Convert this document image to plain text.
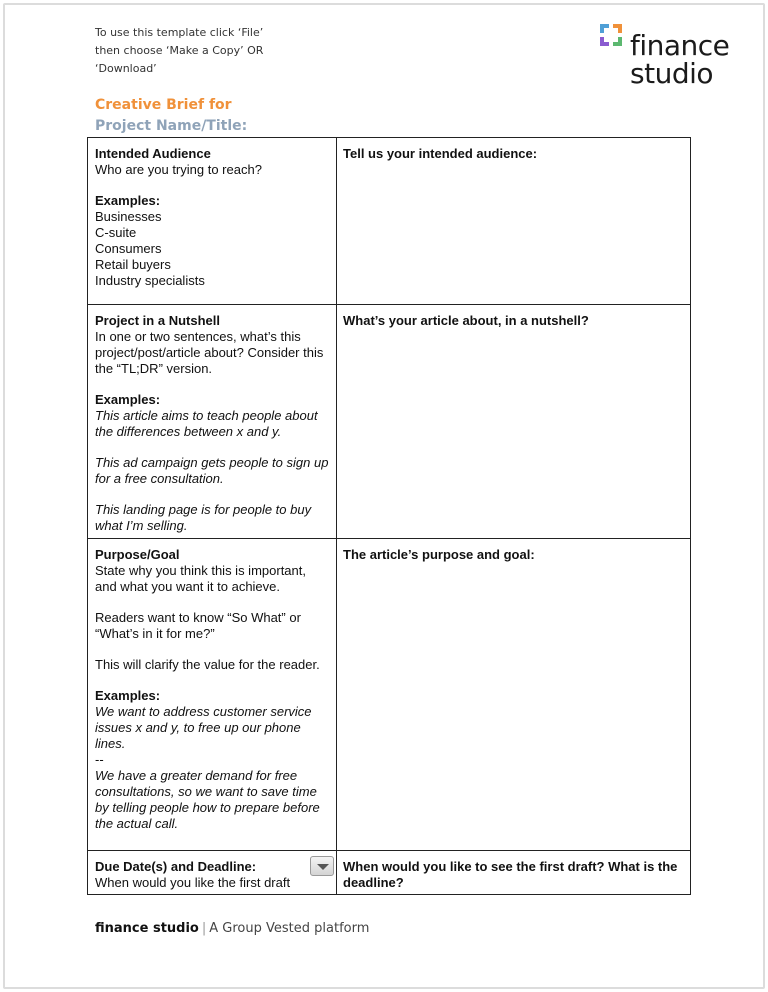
To use this template click ‘File’
then choose ‘Make a Copy’ OR
‘Download’
finance
studio
Creative Brief for
Project Name/Title:
Intended Audience
Who are you trying to reach?
Examples:
Businesses
C-suite
Consumers
Retail buyers
Industry specialists
Tell us your intended audience:
Project in a Nutshell
In one or two sentences, what’s this project/post/article about? Consider this the “TL;DR” version.
Examples:
This article aims to teach people about the differences between x and y.
This ad campaign gets people to sign up for a free consultation.
This landing page is for people to buy what I’m selling.
What’s your article about, in a nutshell?
Purpose/Goal
State why you think this is important, and what you want it to achieve.
Readers want to know “So What” or “What’s in it for me?”
This will clarify the value for the reader.
Examples:
We want to address customer service issues x and y, to free up our phone lines.
--
We have a greater demand for free consultations, so we want to save time by telling people how to prepare before the actual call.
The article’s purpose and goal:
Due Date(s) and Deadline:
When would you like the first draft
When would you like to see the first draft? What is the deadline?
finance studio | A Group Vested platform
